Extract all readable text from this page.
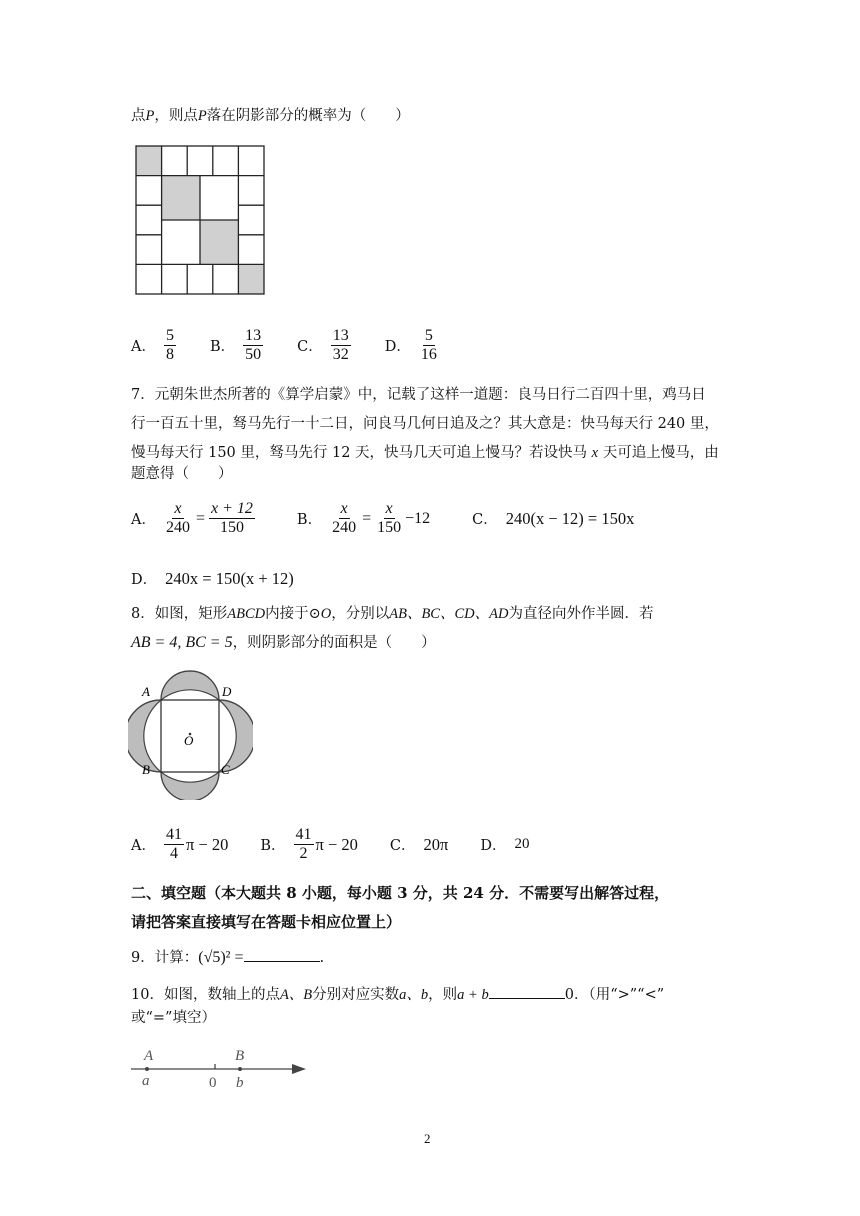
点P，则点P落在阴影部分的概率为（　　）
A． $\frac{5}{8}$ B． $\frac{13}{50}$ C． $\frac{13}{32}$ D． $\frac{5}{16}$
7．元朝朱世杰所著的《算学启蒙》中，记载了这样一道题：良马日行二百四十里，鸡马日
行一百五十里，驽马先行一十二日，问良马几何日追及之？其大意是：快马每天行 240 里，
慢马每天行 150 里，驽马先行 12 天，快马几天可追上慢马？若设快马 x 天可追上慢马，由
题意得（　　）
A． $\frac{x}{240} = \frac{x + 12}{150}$	B． $\frac{x}{240} = \frac{x}{150} -12$	C． 240(x − 12) = 150x
D． 240x = 150(x + 12)
8．如图，矩形ABCD内接于⊙O，分别以AB、BC、CD、AD为直径向外作半圆．若
AB = 4, BC = 5，则阴影部分的面积是（　　）
A	D
B	C
O
A． $\frac{41}{4}$ π − 20 B． $\frac{41}{2}$ π − 20 C． 20π D． 20
二、填空题（本大题共 8 小题，每小题 3 分，共 24 分．不需要写出解答过程，
请把答案直接填写在答题卡相应位置上）
9．计算：(√5)² =	.
10．如图，数轴上的点A、B分别对应实数a、b，则a + b	0．（用“>”“<”
或“=”填空）
A	B
a	0 b
2
